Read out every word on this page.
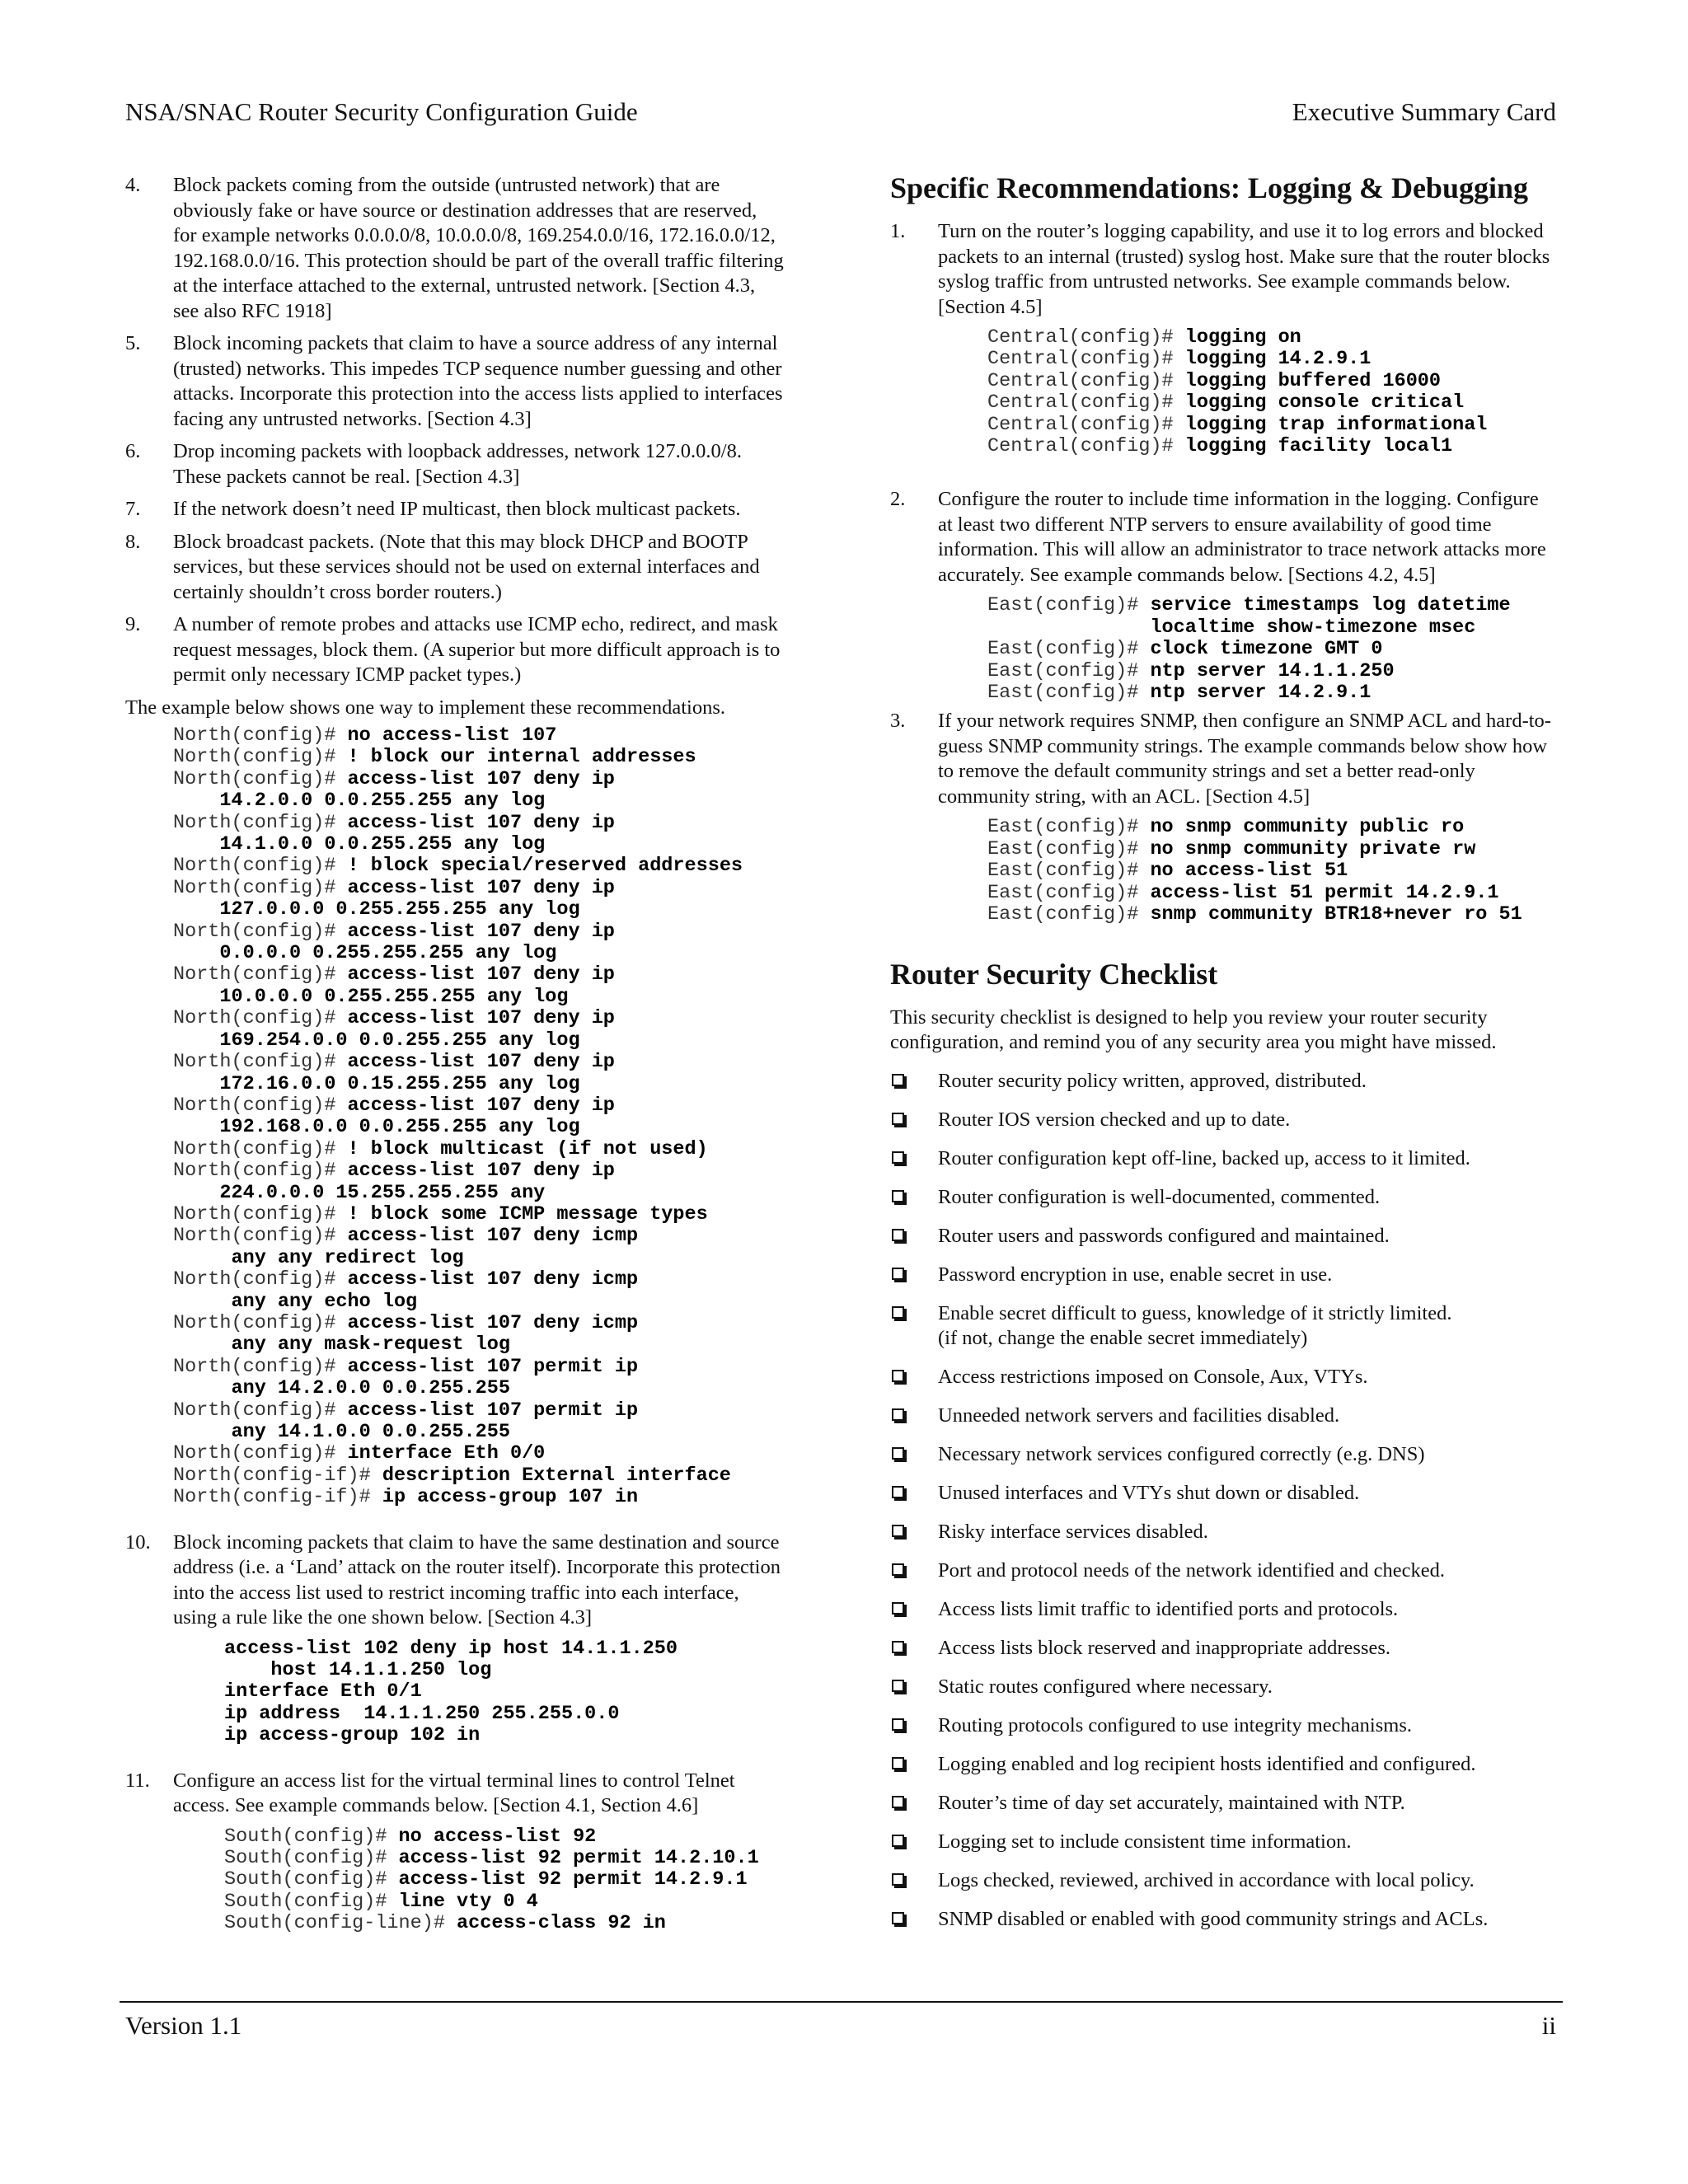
NSA/SNAC Router Security Configuration Guide	Executive Summary Card
4. Block packets coming from the outside (untrusted network) that are obviously fake or have source or destination addresses that are reserved, for example networks 0.0.0.0/8, 10.0.0.0/8, 169.254.0.0/16, 172.16.0.0/12, 192.168.0.0/16. This protection should be part of the overall traffic filtering at the interface attached to the external, untrusted network. [Section 4.3, see also RFC 1918]
5. Block incoming packets that claim to have a source address of any internal (trusted) networks. This impedes TCP sequence number guessing and other attacks. Incorporate this protection into the access lists applied to interfaces facing any untrusted networks. [Section 4.3]
6. Drop incoming packets with loopback addresses, network 127.0.0.0/8. These packets cannot be real. [Section 4.3]
7. If the network doesn’t need IP multicast, then block multicast packets.
8. Block broadcast packets. (Note that this may block DHCP and BOOTP services, but these services should not be used on external interfaces and certainly shouldn’t cross border routers.)
9. A number of remote probes and attacks use ICMP echo, redirect, and mask request messages, block them. (A superior but more difficult approach is to permit only necessary ICMP packet types.)

The example below shows one way to implement these recommendations.

North(config)# no access-list 107
North(config)# ! block our internal addresses
North(config)# access-list 107 deny ip
14.2.0.0 0.0.255.255 any log
North(config)# access-list 107 deny ip
14.1.0.0 0.0.255.255 any log
North(config)# ! block special/reserved addresses
North(config)# access-list 107 deny ip
127.0.0.0 0.255.255.255 any log
North(config)# access-list 107 deny ip
0.0.0.0 0.255.255.255 any log
North(config)# access-list 107 deny ip
10.0.0.0 0.255.255.255 any log
North(config)# access-list 107 deny ip
169.254.0.0 0.0.255.255 any log
North(config)# access-list 107 deny ip
172.16.0.0 0.15.255.255 any log
North(config)# access-list 107 deny ip
192.168.0.0 0.0.255.255 any log
North(config)# ! block multicast (if not used)
North(config)# access-list 107 deny ip
224.0.0.0 15.255.255.255 any
North(config)# ! block some ICMP message types
North(config)# access-list 107 deny icmp
any any redirect log
North(config)# access-list 107 deny icmp
any any echo log
North(config)# access-list 107 deny icmp
any any mask-request log
North(config)# access-list 107 permit ip
any 14.2.0.0 0.0.255.255
North(config)# access-list 107 permit ip
any 14.1.0.0 0.0.255.255
North(config)# interface Eth 0/0
North(config-if)# description External interface
North(config-if)# ip access-group 107 in
10. Block incoming packets that claim to have the same destination and source address (i.e. a ‘Land’ attack on the router itself). Incorporate this protection into the access list used to restrict incoming traffic into each interface, using a rule like the one shown below. [Section 4.3]
access-list 102 deny ip host 14.1.1.250
host 14.1.1.250 log
interface Eth 0/1
ip address  14.1.1.250 255.255.0.0
ip access-group 102 in
11. Configure an access list for the virtual terminal lines to control Telnet access. See example commands below. [Section 4.1, Section 4.6]
South(config)# no access-list 92
South(config)# access-list 92 permit 14.2.10.1
South(config)# access-list 92 permit 14.2.9.1
South(config)# line vty 0 4
South(config-line)# access-class 92 in
Specific Recommendations: Logging & Debugging
1. Turn on the router’s logging capability, and use it to log errors and blocked packets to an internal (trusted) syslog host. Make sure that the router blocks syslog traffic from untrusted networks. See example commands below. [Section 4.5]
Central(config)# logging on
Central(config)# logging 14.2.9.1
Central(config)# logging buffered 16000
Central(config)# logging console critical
Central(config)# logging trap informational
Central(config)# logging facility local1
2. Configure the router to include time information in the logging. Configure at least two different NTP servers to ensure availability of good time information. This will allow an administrator to trace network attacks more accurately. See example commands below. [Sections 4.2, 4.5]
East(config)# service timestamps log datetime
localtime show-timezone msec
East(config)# clock timezone GMT 0
East(config)# ntp server 14.1.1.250
East(config)# ntp server 14.2.9.1
3. If your network requires SNMP, then configure an SNMP ACL and hard-to-guess SNMP community strings. The example commands below show how to remove the default community strings and set a better read-only community string, with an ACL. [Section 4.5]
East(config)# no snmp community public ro
East(config)# no snmp community private rw
East(config)# no access-list 51
East(config)# access-list 51 permit 14.2.9.1
East(config)# snmp community BTR18+never ro 51
Router Security Checklist

This security checklist is designed to help you review your router security configuration, and remind you of any security area you might have missed.

Router security policy written, approved, distributed.
Router IOS version checked and up to date.
Router configuration kept off-line, backed up, access to it limited.
Router configuration is well-documented, commented.
Router users and passwords configured and maintained.
Password encryption in use, enable secret in use.
Enable secret difficult to guess, knowledge of it strictly limited.
(if not, change the enable secret immediately)
Access restrictions imposed on Console, Aux, VTYs.
Unneeded network servers and facilities disabled.
Necessary network services configured correctly (e.g. DNS)
Unused interfaces and VTYs shut down or disabled.
Risky interface services disabled.
Port and protocol needs of the network identified and checked.
Access lists limit traffic to identified ports and protocols.
Access lists block reserved and inappropriate addresses.
Static routes configured where necessary.
Routing protocols configured to use integrity mechanisms.
Logging enabled and log recipient hosts identified and configured.
Router’s time of day set accurately, maintained with NTP.
Logging set to include consistent time information.
Logs checked, reviewed, archived in accordance with local policy.
SNMP disabled or enabled with good community strings and ACLs.
Version 1.1	ii
